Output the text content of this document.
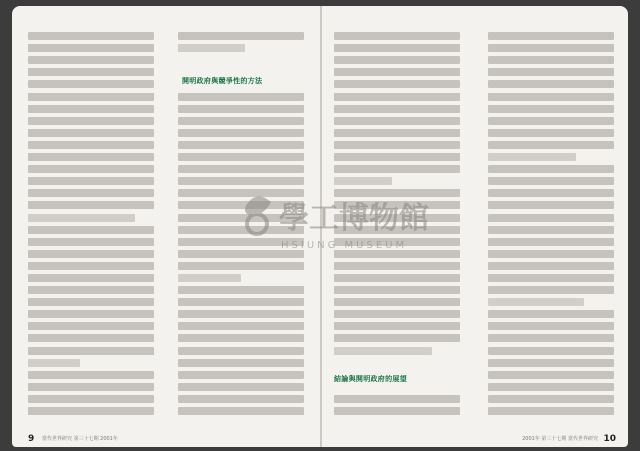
開明政府與競爭性的方法
9 當代世界研究 第三十七期 2001年
結論與開明政府的展望
10
2001年 第三十七期 當代世界研究
學工博物館
HSIUNG MUSEUM
